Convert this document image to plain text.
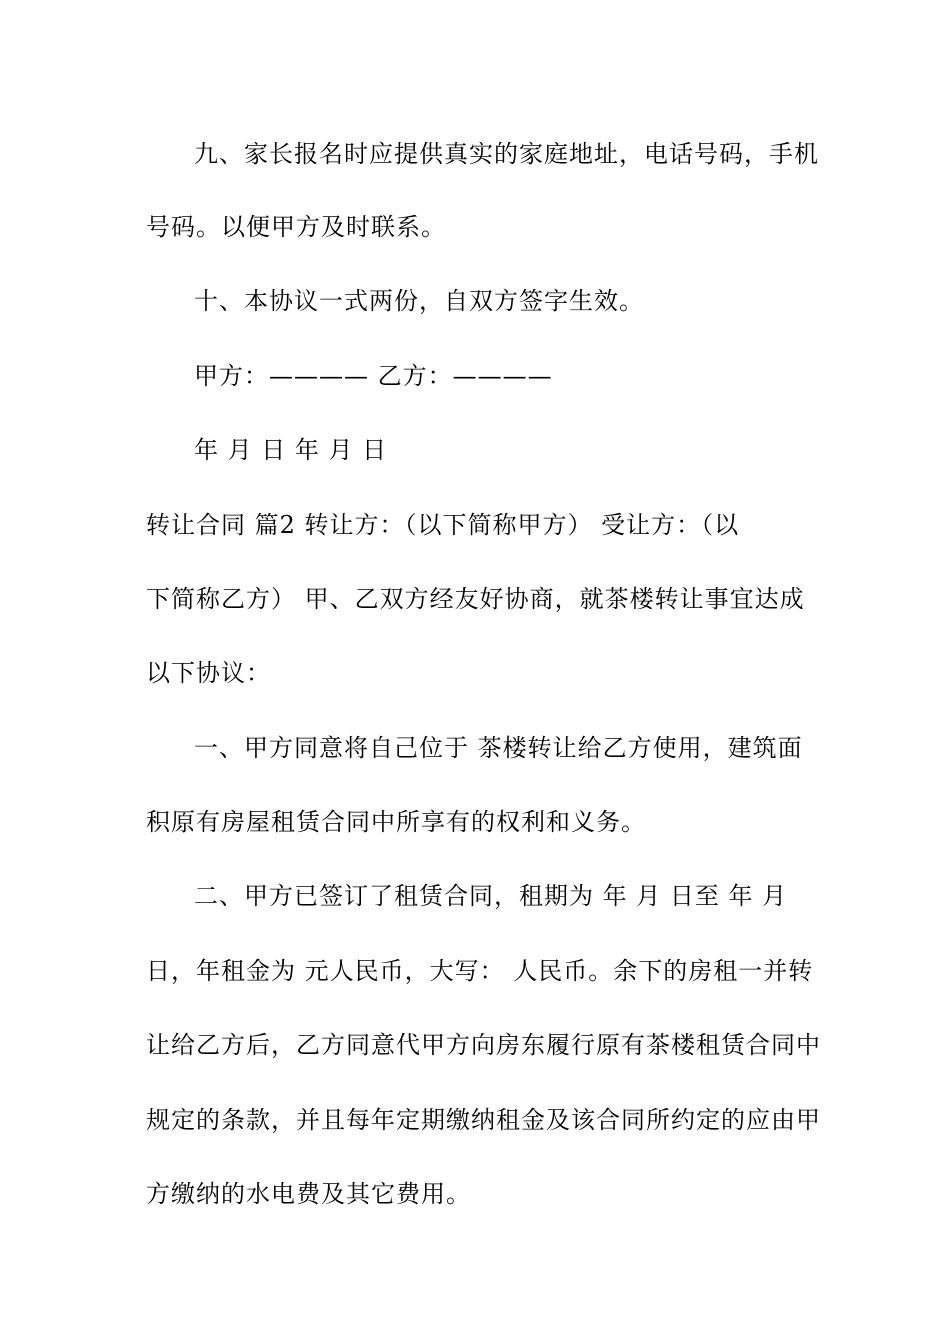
九、家长报名时应提供真实的家庭地址，电话号码，手机
号码。以便甲方及时联系。
十、本协议一式两份，自双方签字生效。
甲方：———— 乙方：————
年 月 日 年 月 日
转让合同 篇2 转让方：（以下简称甲方） 受让方：（以
下简称乙方） 甲、乙双方经友好协商，就茶楼转让事宜达成
以下协议：
一、甲方同意将自己位于 茶楼转让给乙方使用，建筑面
积原有房屋租赁合同中所享有的权利和义务。
二、甲方已签订了租赁合同，租期为 年 月 日至 年 月
日，年租金为 元人民币，大写： 人民币。余下的房租一并转
让给乙方后，乙方同意代甲方向房东履行原有茶楼租赁合同中
规定的条款，并且每年定期缴纳租金及该合同所约定的应由甲
方缴纳的水电费及其它费用。
